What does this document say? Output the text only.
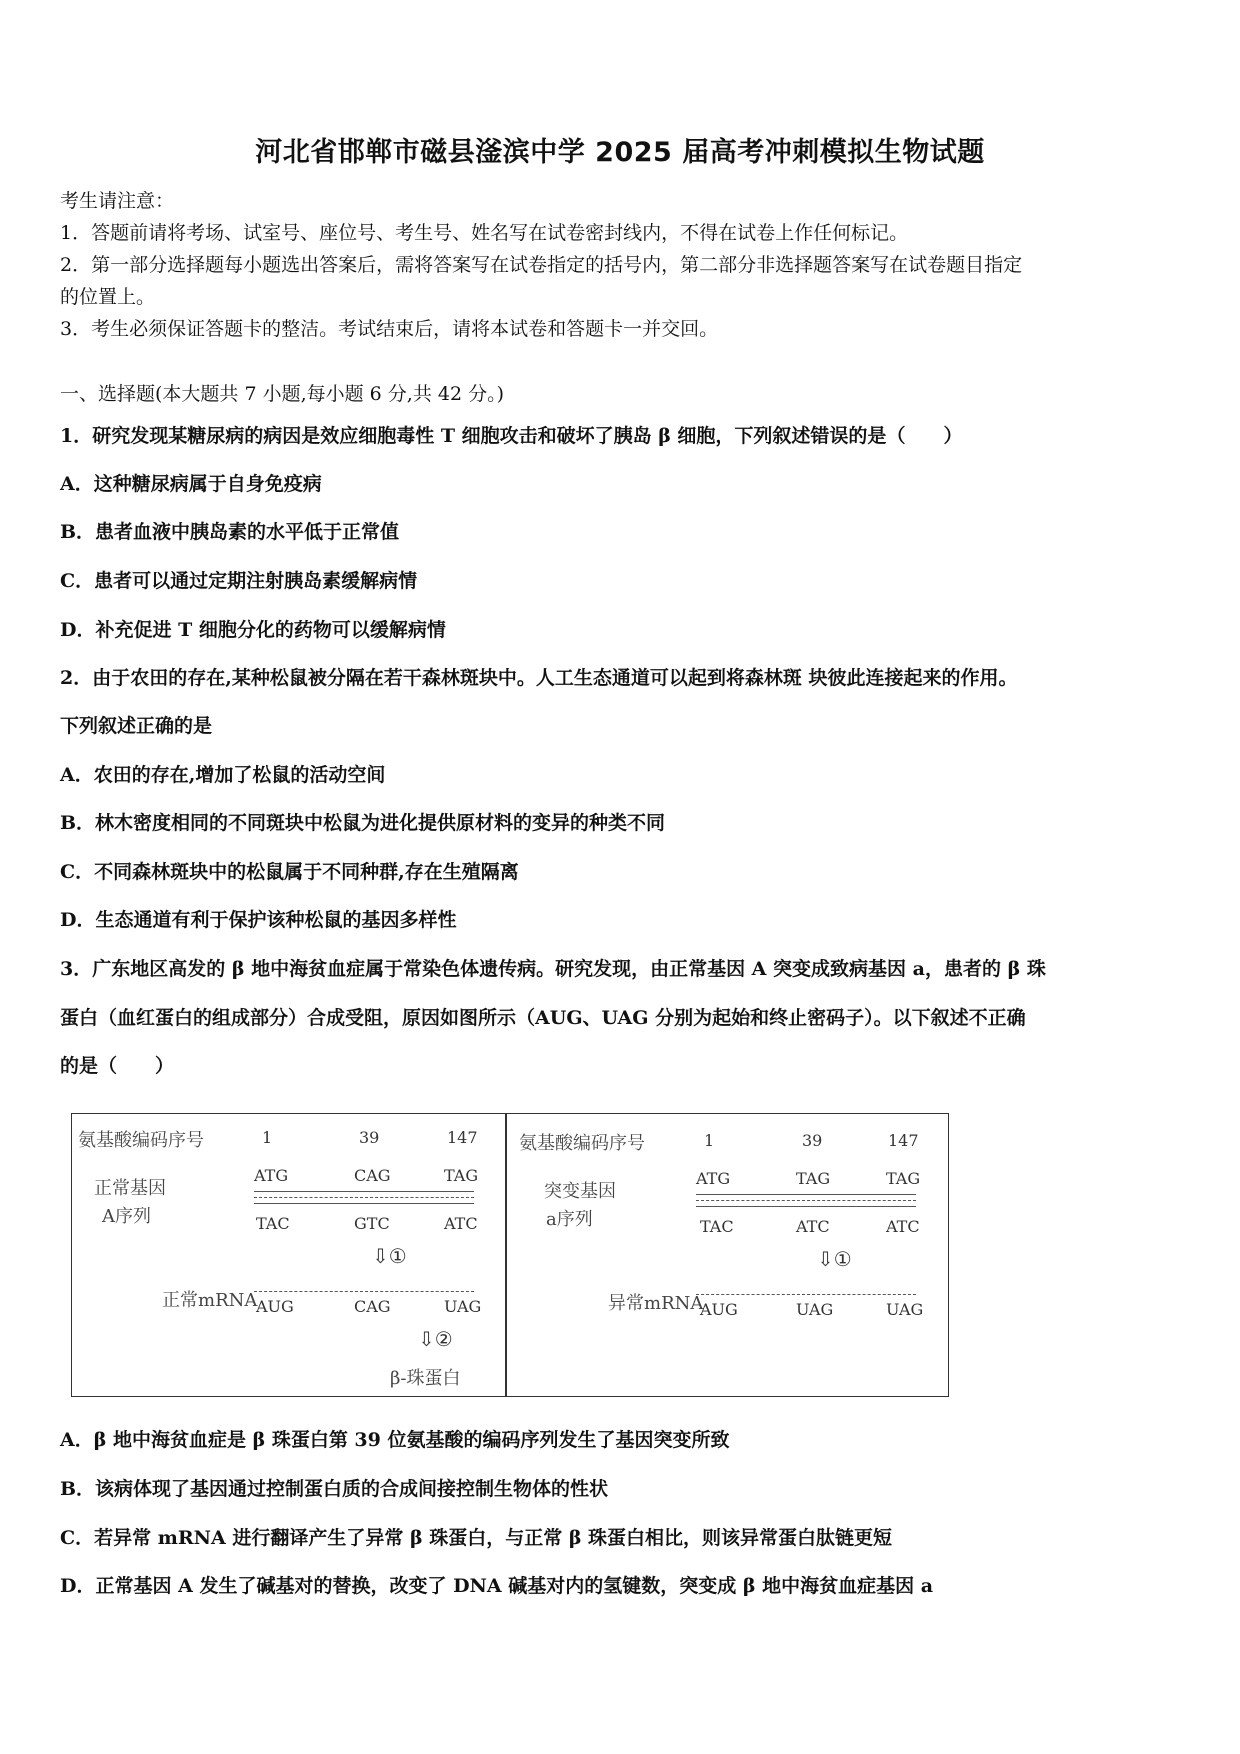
河北省邯郸市磁县滏滨中学 2025 届高考冲刺模拟生物试题
考生请注意：
1．答题前请将考场、试室号、座位号、考生号、姓名写在试卷密封线内，不得在试卷上作任何标记。
2．第一部分选择题每小题选出答案后，需将答案写在试卷指定的括号内，第二部分非选择题答案写在试卷题目指定
的位置上。
3．考生必须保证答题卡的整洁。考试结束后，请将本试卷和答题卡一并交回。
一、选择题(本大题共 7 小题,每小题 6 分,共 42 分。)
1．研究发现某糖尿病的病因是效应细胞毒性 T 细胞攻击和破坏了胰岛 β 细胞，下列叙述错误的是（　　）
A．这种糖尿病属于自身免疫病
B．患者血液中胰岛素的水平低于正常值
C．患者可以通过定期注射胰岛素缓解病情
D．补充促进 T 细胞分化的药物可以缓解病情
2．由于农田的存在,某种松鼠被分隔在若干森林斑块中。人工生态通道可以起到将森林斑 块彼此连接起来的作用。
下列叙述正确的是
A．农田的存在,增加了松鼠的活动空间
B．林木密度相同的不同斑块中松鼠为进化提供原材料的变异的种类不同
C．不同森林斑块中的松鼠属于不同种群,存在生殖隔离
D．生态通道有利于保护该种松鼠的基因多样性
3．广东地区高发的 β 地中海贫血症属于常染色体遗传病。研究发现，由正常基因 A 突变成致病基因 a，患者的 β 珠
蛋白（血红蛋白的组成部分）合成受阻，原因如图所示（AUG、UAG 分别为起始和终止密码子）。以下叙述不正确
的是（　　）
氨基酸编码序号	1	39	147
正常基因
A序列
ATG	CAG	TAG
TAC	GTC	ATC
⇩①
正常mRNA
AUG	CAG	UAG
⇩②
β-珠蛋白
氨基酸编码序号	1	39	147
突变基因
a序列
ATG	TAG	TAG
TAC	ATC	ATC
⇩①
异常mRNA
AUG	UAG	UAG
A．β 地中海贫血症是 β 珠蛋白第 39 位氨基酸的编码序列发生了基因突变所致
B．该病体现了基因通过控制蛋白质的合成间接控制生物体的性状
C．若异常 mRNA 进行翻译产生了异常 β 珠蛋白，与正常 β 珠蛋白相比，则该异常蛋白肽链更短
D．正常基因 A 发生了碱基对的替换，改变了 DNA 碱基对内的氢键数，突变成 β 地中海贫血症基因 a
